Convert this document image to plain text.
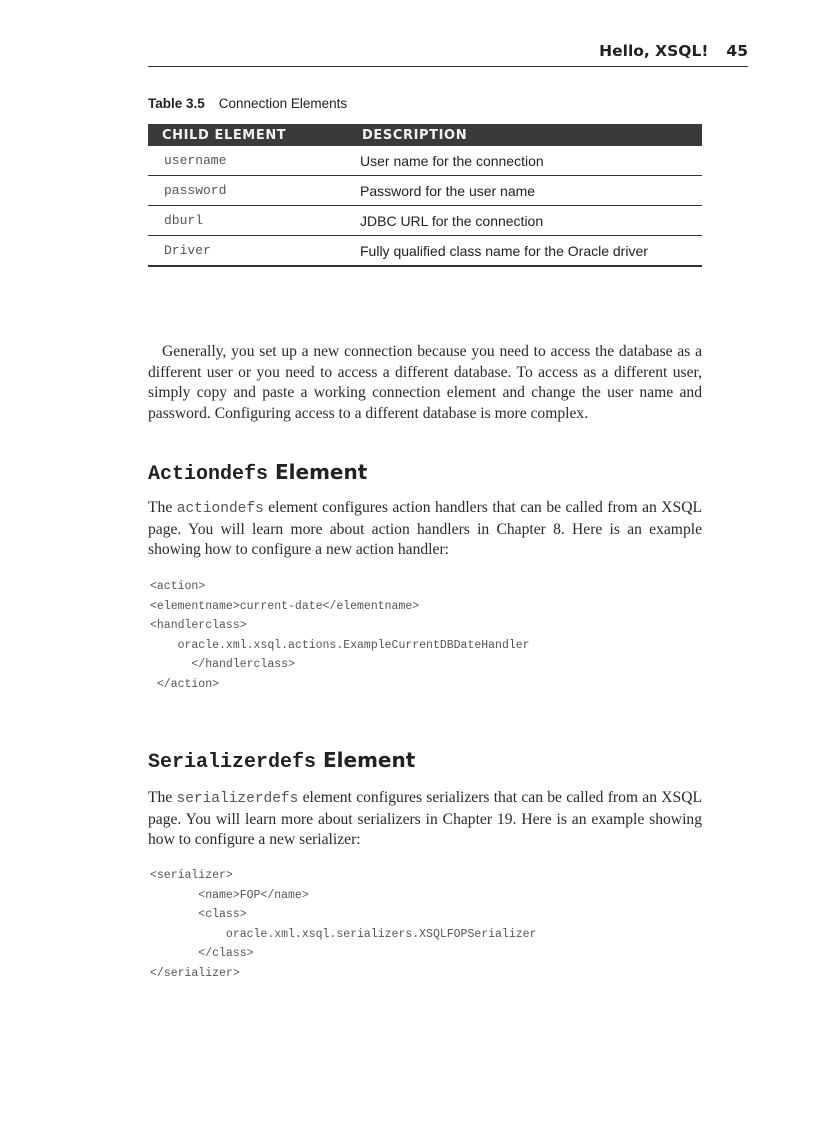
Hello, XSQL! 45
Table 3.5 Connection Elements
CHILD ELEMENT	DESCRIPTION
username	User name for the connection
password	Password for the user name
dburl	JDBC URL for the connection
Driver	Fully qualified class name for the Oracle driver

Generally, you set up a new connection because you need to access the database as a different user or you need to access a different database. To access as a different user, simply copy and paste a working connection element and change the user name and password. Configuring access to a different database is more complex.

Actiondefs Element

The actiondefs element configures action handlers that can be called from an XSQL page. You will learn more about action handlers in Chapter 8. Here is an example showing how to configure a new action handler:

<action>
<elementname>current-date</elementname>
<handlerclass>
oracle.xml.xsql.actions.ExampleCurrentDBDateHandler
</handlerclass>
</action>
Serializerdefs Element

The serializerdefs element configures serializers that can be called from an XSQL page. You will learn more about serializers in Chapter 19. Here is an example showing how to configure a new serializer:

<serializer>
<name>FOP</name>
<class>
oracle.xml.xsql.serializers.XSQLFOPSerializer
</class>
</serializer>
